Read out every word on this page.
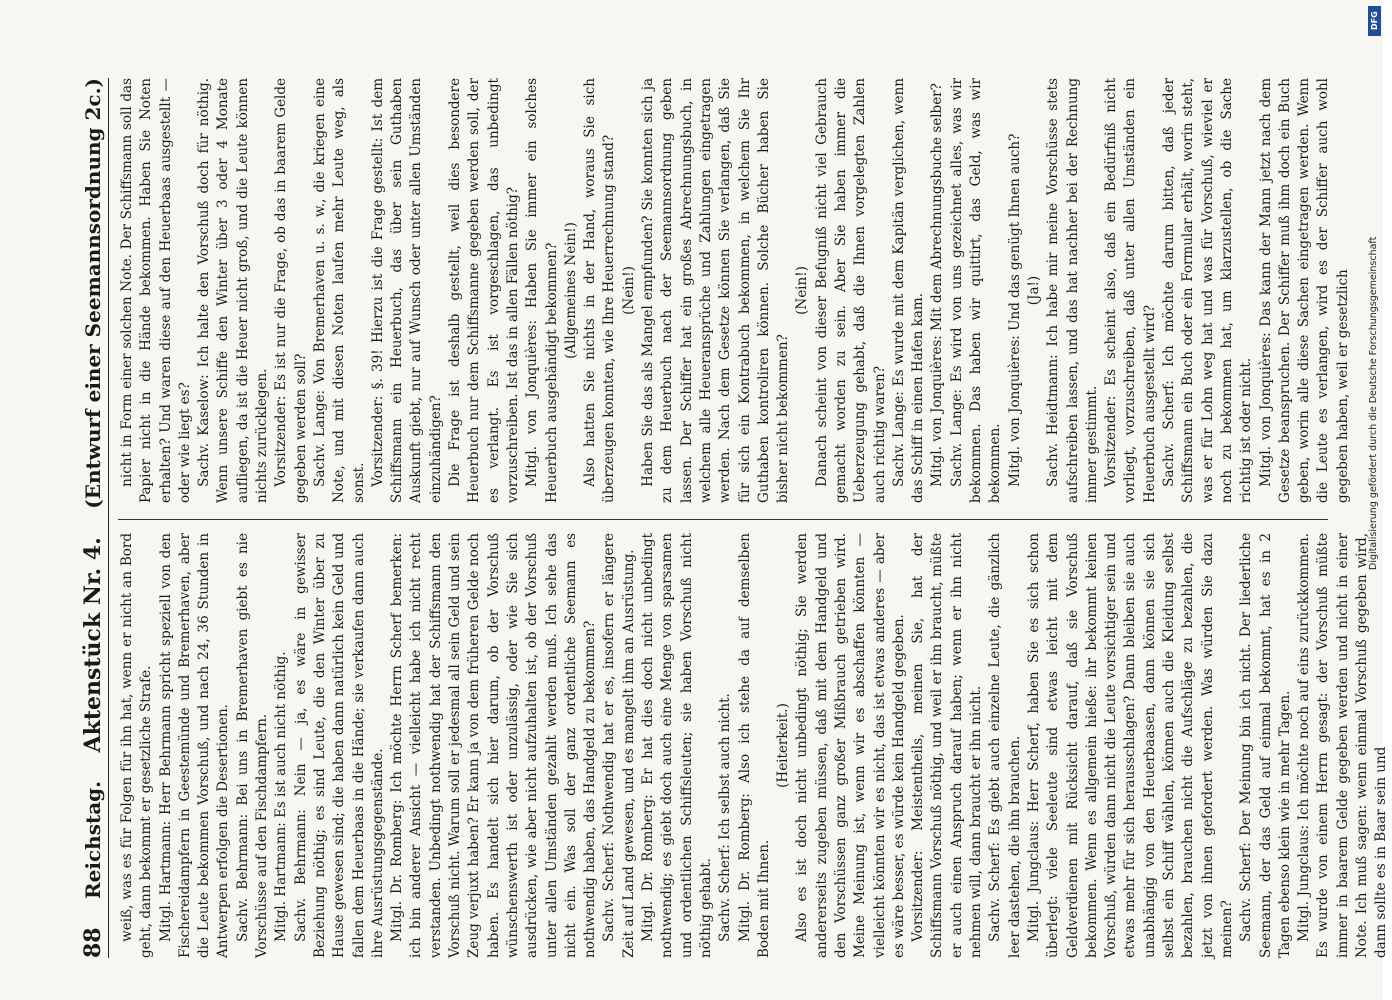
88
Reichstag.
Aktenstück Nr. 4.
(Entwurf einer Seemannsordnung 2c.)

weiß, was es für Folgen für ihn hat, wenn er nicht an Bord geht, dann bekommt er gesetzliche Strafe. Mitgl. Hartmann: Herr Behrmann spricht speziell von den Fischereidampfern in Geestemünde und Bremerhaven, aber die Leute bekommen Vorschuß, und nach 24, 36 Stunden in Antwerpen erfolgen die Desertionen. Sachv. Behrmann: Bei uns in Bremerhaven giebt es nie Vorschüsse auf den Fischdampfern. Mitgl. Hartmann: Es ist auch nicht nöthig. Sachv. Behrmann: Nein — ja, es wäre in gewisser Beziehung nöthig; es sind Leute, die den Winter über zu Hause gewesen sind; die haben dann natürlich kein Geld und fallen dem Heuerbaas in die Hände; sie verkaufen dann auch ihre Ausrüstungsgegenstände. Mitgl. Dr. Romberg: Ich möchte Herrn Scherf bemerken: ich bin anderer Ansicht — vielleicht habe ich nicht recht verstanden. Unbedingt nothwendig hat der Schiffsmann den Vorschuß nicht. Warum soll er jedesmal all sein Geld und sein Zeug verjuxt haben? Er kann ja von dem früheren Gelde noch haben. Es handelt sich hier darum, ob der Vorschuß wünschenswerth ist oder unzulässig, oder wie Sie sich ausdrücken, wie aber nicht aufzuhalten ist, ob der Vorschuß unter allen Umständen gezahlt werden muß. Ich sehe das nicht ein. Was soll der ganz ordentliche Seemann es nothwendig haben, das Handgeld zu bekommen? Sachv. Scherf: Nothwendig hat er es, insofern er längere Zeit auf Land gewesen, und es mangelt ihm an Ausrüstung. Mitgl. Dr. Romberg: Er hat dies doch nicht unbedingt nothwendig; es giebt doch auch eine Menge von sparsamen und ordentlichen Schiffsleuten; sie haben Vorschuß nicht nöthig gehabt. Sachv. Scherf: Ich selbst auch nicht. Mitgl. Dr. Romberg: Also ich stehe da auf demselben Boden mit Ihnen.

(Heiterkeit.) Also es ist doch nicht unbedingt nöthig; Sie werden andererseits zugeben müssen, daß mit dem Handgeld und den Vorschüssen ganz großer Mißbrauch getrieben wird. Meine Meinung ist, wenn wir es abschaffen könnten — vielleicht könnten wir es nicht, das ist etwas anderes — aber es wäre besser, es würde kein Handgeld gegeben. Vorsitzender: Meistentheils, meinen Sie, hat der Schiffsmann Vorschuß nöthig, und weil er ihn braucht, müßte er auch einen Anspruch darauf haben; wenn er ihn nicht nehmen will, dann braucht er ihn nicht. Sachv. Scherf: Es giebt auch einzelne Leute, die gänzlich leer dastehen, die ihn brauchen. Mitgl. Jungclaus: Herr Scherf, haben Sie es sich schon überlegt: viele Seeleute sind etwas leicht mit dem Geldverdienen mit Rücksicht darauf, daß sie Vorschuß bekommen. Wenn es allgemein hieße: ihr bekommt keinen Vorschuß, würden dann nicht die Leute vorsichtiger sein und etwas mehr für sich herausschlagen? Dann bleiben sie auch unabhängig von den Heuerbaasen, dann können sie sich selbst ein Schiff wählen, können auch die Kleidung selbst bezahlen, brauchen nicht die Aufschläge zu bezahlen, die jetzt von ihnen gefordert werden. Was würden Sie dazu meinen? Sachv. Scherf: Der Meinung bin ich nicht. Der liederliche Seemann, der das Geld auf einmal bekommt, hat es in 2 Tagen ebenso klein wie in mehr Tagen. Mitgl. Jungclaus: Ich möchte noch auf eins zurückkommen. Es wurde von einem Herrn gesagt: der Vorschuß müßte immer in baarem Gelde gegeben werden und nicht in einer Note. Ich muß sagen: wenn einmal Vorschuß gegeben wird, dann sollte es in Baar sein und

nicht in Form einer solchen Note. Der Schiffsmann soll das Papier nicht in die Hände bekommen. Haben Sie Noten erhalten? Und waren diese auf den Heuerbaas ausgestellt — oder wie liegt es? Sachv. Kaselow: Ich halte den Vorschuß doch für nöthig. Wenn unsere Schiffe den Winter über 3 oder 4 Monate aufliegen, da ist die Heuer nicht groß, und die Leute können nichts zurücklegen. Vorsitzender: Es ist nur die Frage, ob das in baarem Gelde gegeben werden soll? Sachv. Lange: Von Bremerhaven u. s. w., die kriegen eine Note, und mit diesen Noten laufen mehr Leute weg, als sonst. Vorsitzender: §. 39! Hierzu ist die Frage gestellt: Ist dem Schiffsmann ein Heuerbuch, das über sein Guthaben Auskunft giebt, nur auf Wunsch oder unter allen Umständen einzuhändigen? Die Frage ist deshalb gestellt, weil dies besondere Heuerbuch nur dem Schiffsmanne gegeben werden soll, der es verlangt. Es ist vorgeschlagen, das unbedingt vorzuschreiben. Ist das in allen Fällen nöthig? Mitgl. von Jonquières: Haben Sie immer ein solches Heuerbuch ausgehändigt bekommen? (Allgemeines Nein!) Also hatten Sie nichts in der Hand, woraus Sie sich überzeugen konnten, wie Ihre Heuerrechnung stand? (Nein!) Haben Sie das als Mangel empfunden? Sie konnten sich ja zu dem Heuerbuch nach der Seemannsordnung geben lassen. Der Schiffer hat ein großes Abrechnungsbuch, in welchem alle Heueransprüche und Zahlungen eingetragen werden. Nach dem Gesetze können Sie verlangen, daß Sie für sich ein Kontrabuch bekommen, in welchem Sie Ihr Guthaben kontroliren können. Solche Bücher haben Sie bisher nicht bekommen?

(Nein!) Danach scheint von dieser Befugniß nicht viel Gebrauch gemacht worden zu sein. Aber Sie haben immer die Ueberzeugung gehabt, daß die Ihnen vorgelegten Zahlen auch richtig waren? Sachv. Lange: Es wurde mit dem Kapitän verglichen, wenn das Schiff in einen Hafen kam. Mitgl. von Jonquières: Mit dem Abrechnungsbuche selber? Sachv. Lange: Es wird von uns gezeichnet alles, was wir bekommen. Das haben wir quittirt, das Geld, was wir bekommen. Mitgl. von Jonquières: Und das genügt Ihnen auch? (Ja!) Sachv. Heidtmann: Ich habe mir meine Vorschüsse stets aufschreiben lassen, und das hat nachher bei der Rechnung immer gestimmt. Vorsitzender: Es scheint also, daß ein Bedürfniß nicht vorliegt, vorzuschreiben, daß unter allen Umständen ein Heuerbuch ausgestellt wird? Sachv. Scherf: Ich möchte darum bitten, daß jeder Schiffsmann ein Buch oder ein Formular erhält, worin steht, was er für Lohn weg hat und was für Vorschuß, wieviel er noch zu bekommen hat, um klarzustellen, ob die Sache richtig ist oder nicht. Mitgl. von Jonquières: Das kann der Mann jetzt nach dem Gesetze beanspruchen. Der Schiffer muß ihm doch ein Buch geben, worin alle diese Sachen eingetragen werden. Wenn die Leute es verlangen, wird es der Schiffer auch wohl gegeben haben, weil er gesetzlich

DFG
Digitalisierung gefördert durch die Deutsche Forschungsgemeinschaft
